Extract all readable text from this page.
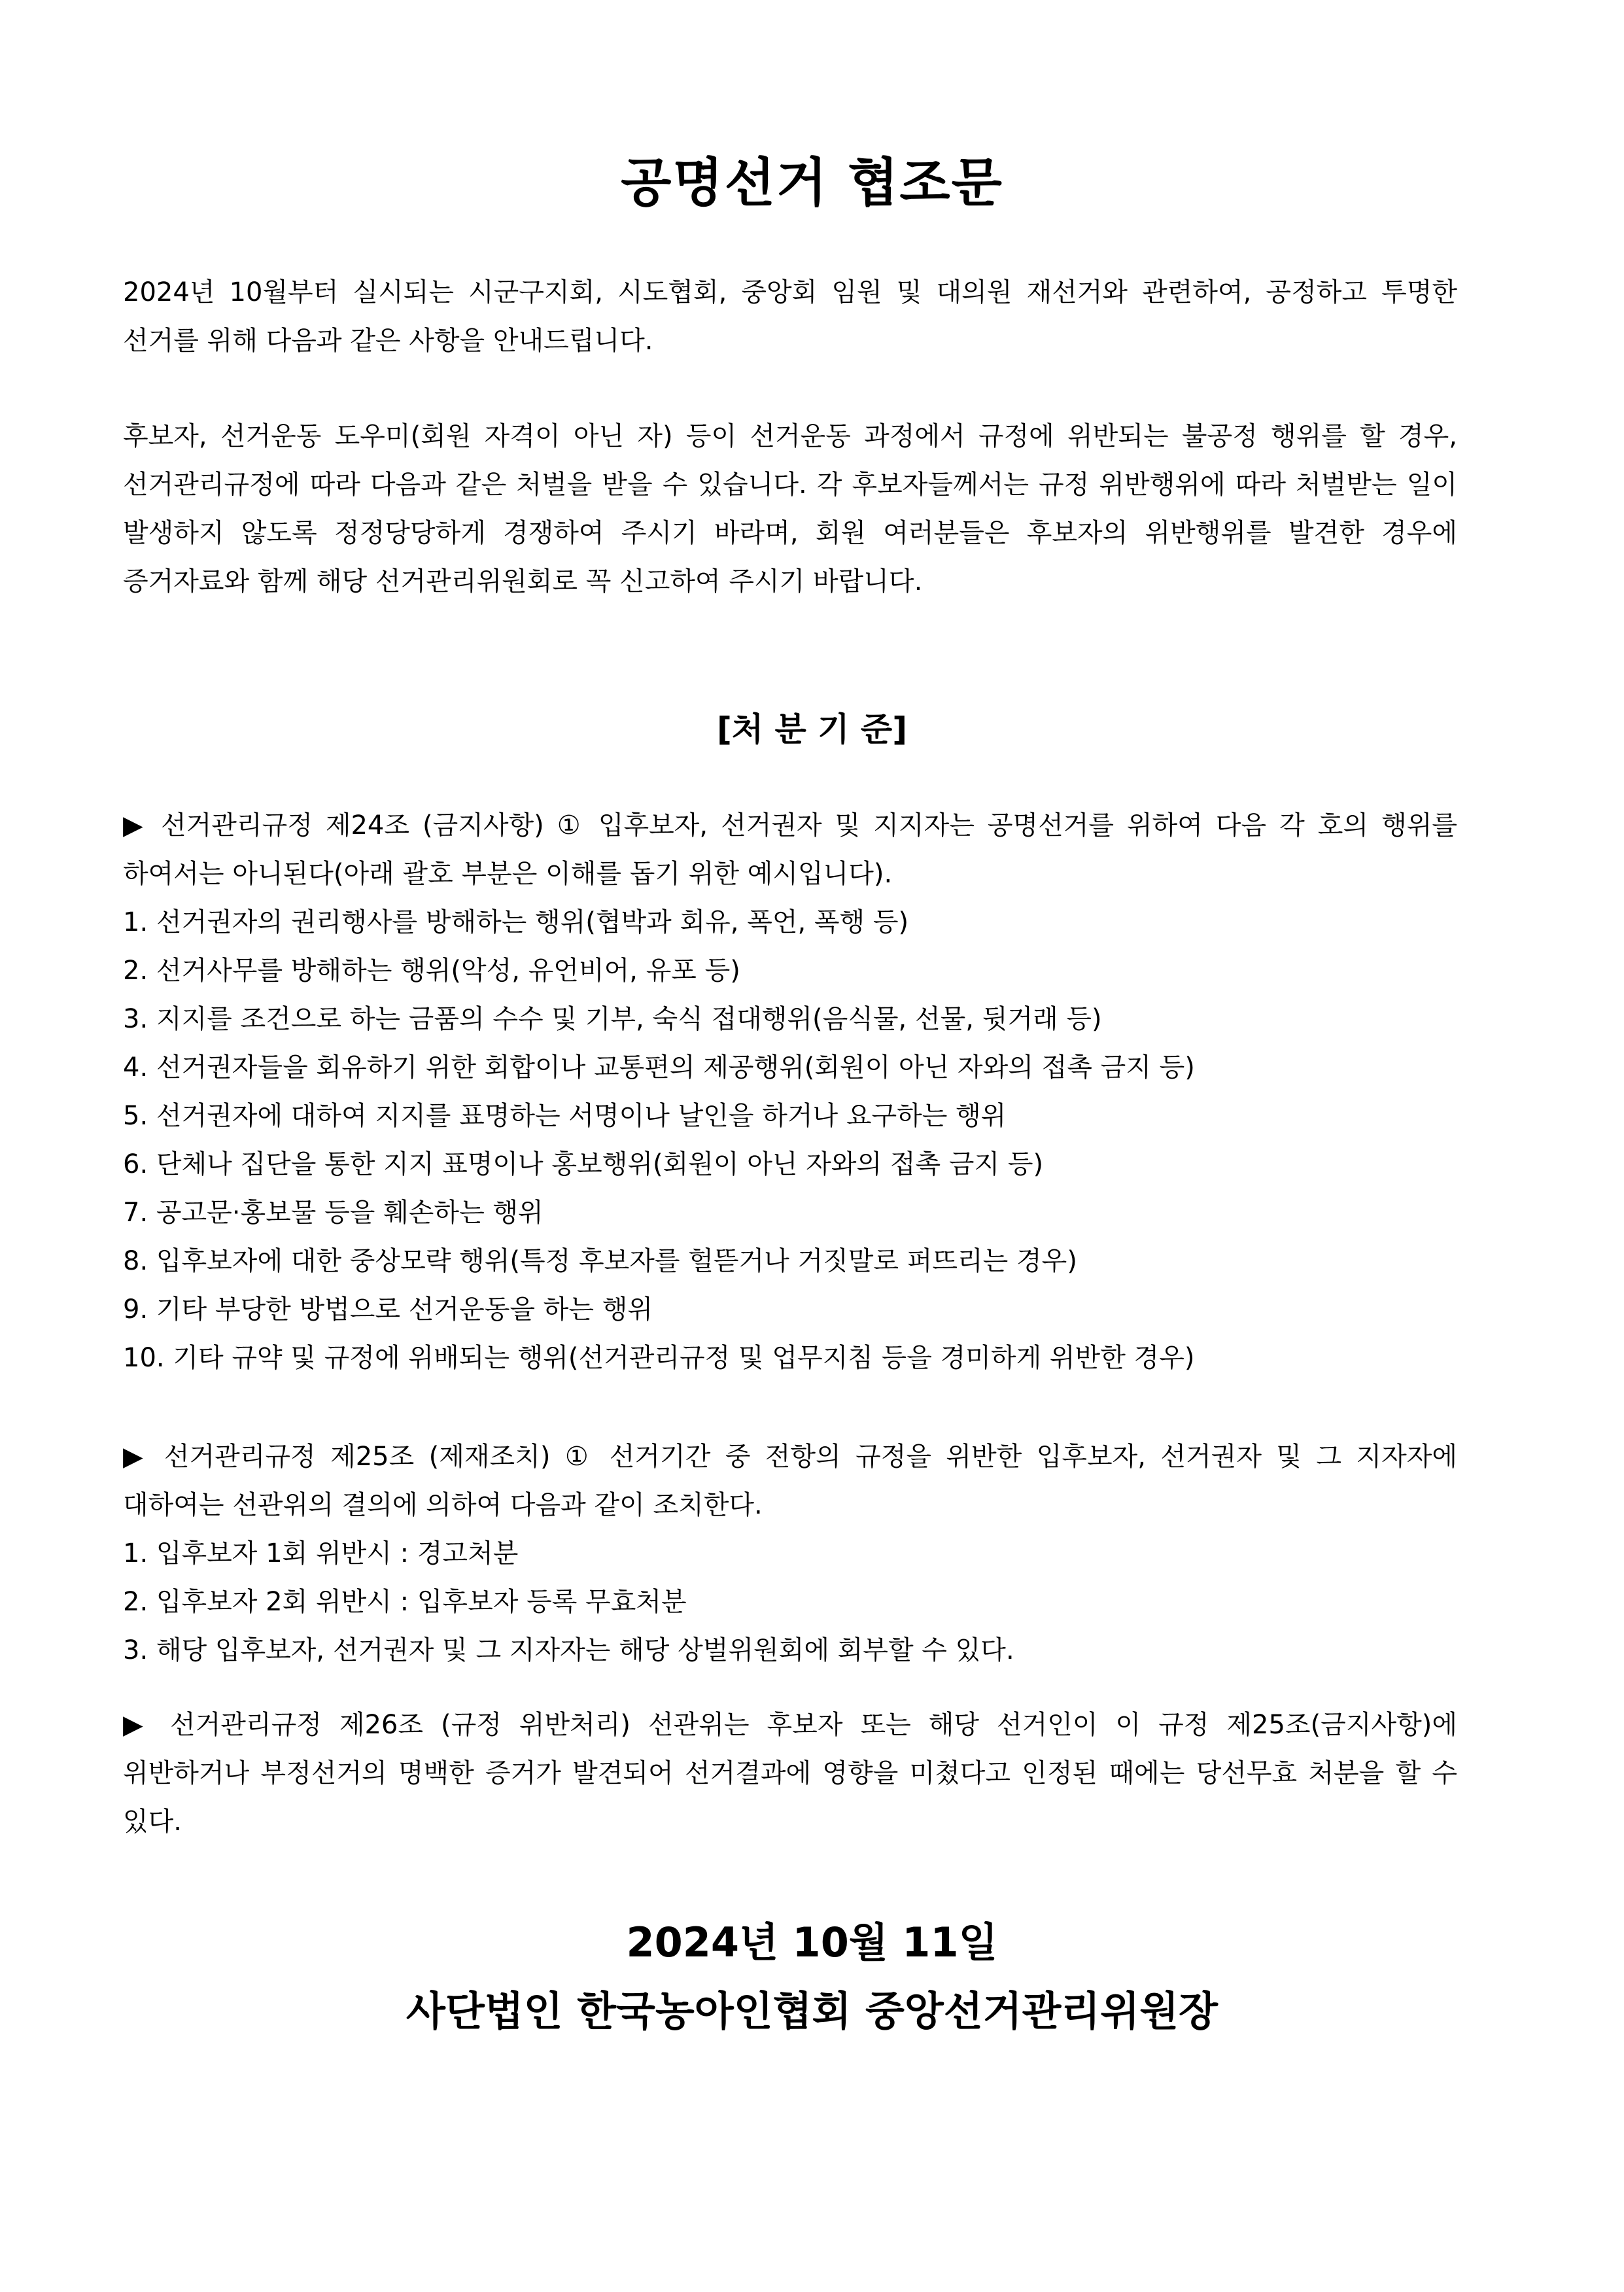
공명선거 협조문

2024년 10월부터 실시되는 시군구지회, 시도협회, 중앙회 임원 및 대의원 재선거와 관련하여, 공정하고 투명한 선거를 위해 다음과 같은 사항을 안내드립니다.

후보자, 선거운동 도우미(회원 자격이 아닌 자) 등이 선거운동 과정에서 규정에 위반되는 불공정 행위를 할 경우, 선거관리규정에 따라 다음과 같은 처벌을 받을 수 있습니다. 각 후보자들께서는 규정 위반행위에 따라 처벌받는 일이 발생하지 않도록 정정당당하게 경쟁하여 주시기 바라며, 회원 여러분들은 후보자의 위반행위를 발견한 경우에 증거자료와 함께 해당 선거관리위원회로 꼭 신고하여 주시기 바랍니다.

[처 분 기 준]

▶ 선거관리규정 제24조 (금지사항) ① 입후보자, 선거권자 및 지지자는 공명선거를 위하여 다음 각 호의 행위를 하여서는 아니된다(아래 괄호 부분은 이해를 돕기 위한 예시입니다).

1. 선거권자의 권리행사를 방해하는 행위(협박과 회유, 폭언, 폭행 등)
2. 선거사무를 방해하는 행위(악성, 유언비어, 유포 등)
3. 지지를 조건으로 하는 금품의 수수 및 기부, 숙식 접대행위(음식물, 선물, 뒷거래 등)
4. 선거권자들을 회유하기 위한 회합이나 교통편의 제공행위(회원이 아닌 자와의 접촉 금지 등)
5. 선거권자에 대하여 지지를 표명하는 서명이나 날인을 하거나 요구하는 행위
6. 단체나 집단을 통한 지지 표명이나 홍보행위(회원이 아닌 자와의 접촉 금지 등)
7. 공고문·홍보물 등을 훼손하는 행위
8. 입후보자에 대한 중상모략 행위(특정 후보자를 헐뜯거나 거짓말로 퍼뜨리는 경우)
9. 기타 부당한 방법으로 선거운동을 하는 행위
10. 기타 규약 및 규정에 위배되는 행위(선거관리규정 및 업무지침 등을 경미하게 위반한 경우)

▶ 선거관리규정 제25조 (제재조치) ① 선거기간 중 전항의 규정을 위반한 입후보자, 선거권자 및 그 지자자에 대하여는 선관위의 결의에 의하여 다음과 같이 조치한다.

1. 입후보자 1회 위반시 : 경고처분
2. 입후보자 2회 위반시 : 입후보자 등록 무효처분
3. 해당 입후보자, 선거권자 및 그 지자자는 해당 상벌위원회에 회부할 수 있다.

▶ 선거관리규정 제26조 (규정 위반처리) 선관위는 후보자 또는 해당 선거인이 이 규정 제25조(금지사항)에 위반하거나 부정선거의 명백한 증거가 발견되어 선거결과에 영향을 미쳤다고 인정된 때에는 당선무효 처분을 할 수 있다.

2024년 10월 11일
사단법인 한국농아인협회 중앙선거관리위원장
